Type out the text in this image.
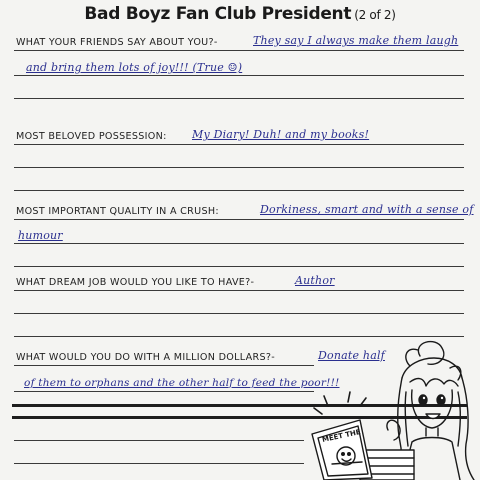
Bad Boyz Fan Club President (2 of 2)
WHAT YOUR FRIENDS SAY ABOUT YOU?-	They say I always make them laugh
and bring them lots of joy!!! (True ☺)
MOST BELOVED POSSESSION: My Diary! Duh! and my books!
MOST IMPORTANT QUALITY IN A CRUSH:	Dorkiness, smart and with a sense of
humour
WHAT DREAM JOB WOULD YOU LIKE TO HAVE?-	Author
WHAT WOULD YOU DO WITH A MILLION DOLLARS?-	Donate half
of them to orphans and the other half to feed the poor!!!
MEET THE
